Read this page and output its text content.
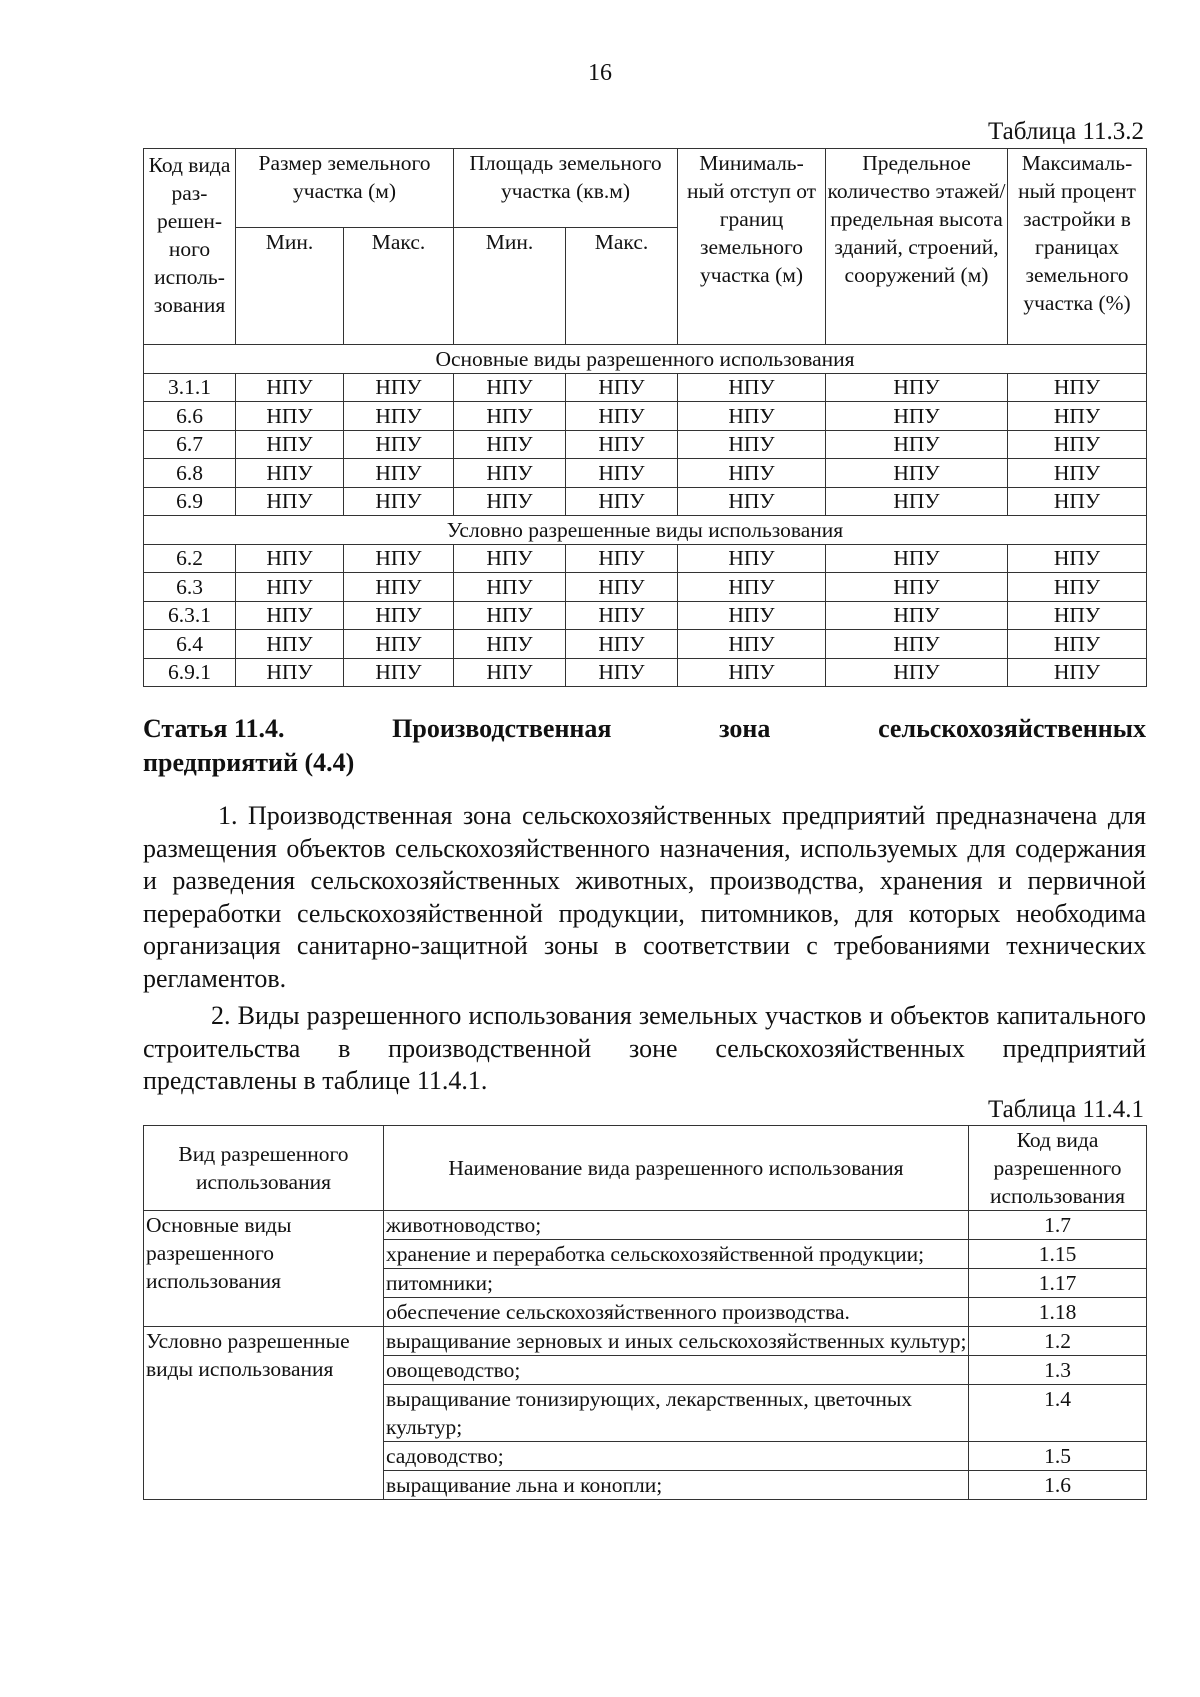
16
Таблица 11.3.2
Код вида раз- решен- ного исполь- зования	Размер земельного участка (м)		Площадь земельного участка (кв.м)		Минималь- ный отступ от границ земельного участка (м)	Предельное количество этажей/ предельная высота зданий, строений, сооружений (м)	Максималь- ный процент застройки в границах земельного участка (%)
	Мин.	Макс.	Мин.	Макс.			
Основные виды разрешенного использования							
3.1.1	НПУ	НПУ	НПУ	НПУ	НПУ	НПУ	НПУ
6.6	НПУ	НПУ	НПУ	НПУ	НПУ	НПУ	НПУ
6.7	НПУ	НПУ	НПУ	НПУ	НПУ	НПУ	НПУ
6.8	НПУ	НПУ	НПУ	НПУ	НПУ	НПУ	НПУ
6.9	НПУ	НПУ	НПУ	НПУ	НПУ	НПУ	НПУ
Условно разрешенные виды использования							
6.2	НПУ	НПУ	НПУ	НПУ	НПУ	НПУ	НПУ
6.3	НПУ	НПУ	НПУ	НПУ	НПУ	НПУ	НПУ
6.3.1	НПУ	НПУ	НПУ	НПУ	НПУ	НПУ	НПУ
6.4	НПУ	НПУ	НПУ	НПУ	НПУ	НПУ	НПУ
6.9.1	НПУ	НПУ	НПУ	НПУ	НПУ	НПУ	НПУ
Статья 11.4.	Производственная	зона	сельскохозяйственных
предприятий (4.4)
1. Производственная зона сельскохозяйственных предприятий предназначена для размещения объектов сельскохозяйственного назначения, используемых для содержания и разведения сельскохозяйственных животных, производства, хранения и первичной переработки сельскохозяйственной продукции, питомников, для которых необходима организация санитарно-защитной зоны в соответствии с требованиями технических регламентов.
2. Виды разрешенного использования земельных участков и объектов капитального строительства в производственной зоне сельскохозяйственных предприятий представлены в таблице 11.4.1.
Таблица 11.4.1
Вид разрешенного использования	Наименование вида разрешенного использования	Код вида разрешенного использования
Основные виды разрешенного использования	животноводство;	1.7
	хранение и переработка сельскохозяйственной продукции;	1.15
	питомники;	1.17
	обеспечение сельскохозяйственного производства.	1.18
Условно разрешенные виды использования	выращивание зерновых и иных сельскохозяйственных культур;	1.2
	овощеводство;	1.3
	выращивание тонизирующих, лекарственных, цветочных культур;	1.4
	садоводство;	1.5
	выращивание льна и конопли;	1.6
